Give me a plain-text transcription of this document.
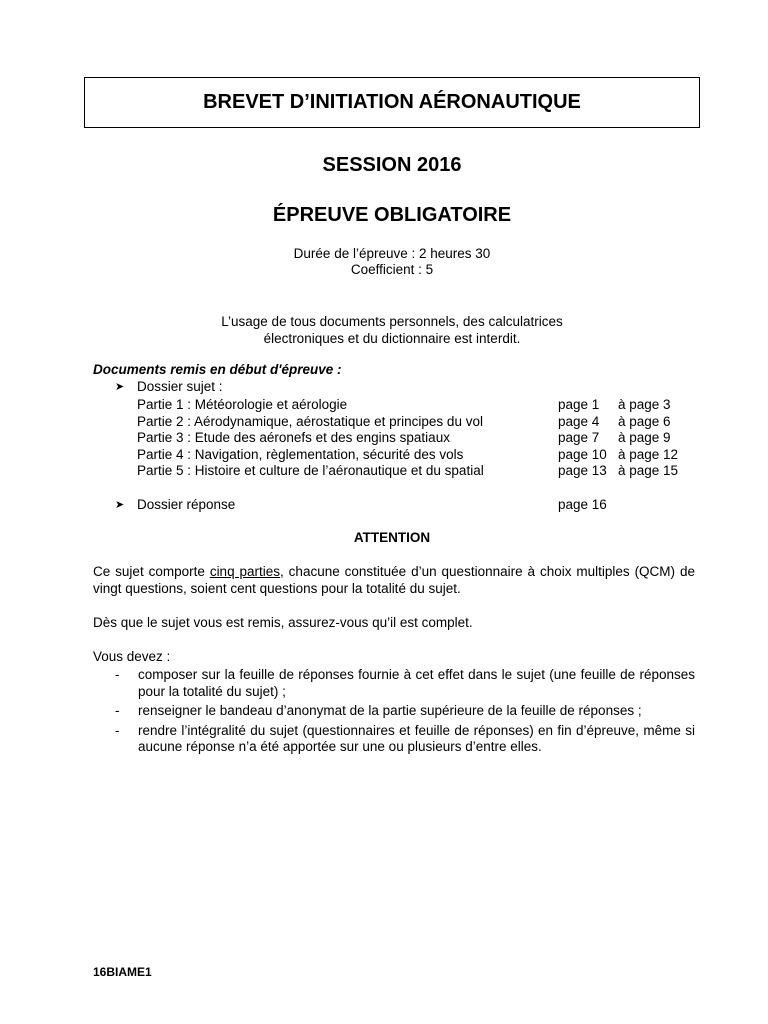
BREVET D’INITIATION AÉRONAUTIQUE
SESSION 2016
ÉPREUVE OBLIGATOIRE
Durée de l’épreuve : 2 heures 30
Coefficient : 5
L’usage de tous documents personnels, des calculatrices
électroniques et du dictionnaire est interdit.
Documents remis en début d'épreuve :
➤ Dossier sujet :
Partie 1 : Météorologie et aérologie	page 1	à page 3
Partie 2 : Aérodynamique, aérostatique et principes du vol	page 4	à page 6
Partie 3 : Etude des aéronefs et des engins spatiaux	page 7	à page 9
Partie 4 : Navigation, règlementation, sécurité des vols	page 10 à page 12
Partie 5 : Histoire et culture de l’aéronautique et du spatial	page 13 à page 15
➤ Dossier réponse	page 16
ATTENTION
Ce sujet comporte cinq parties, chacune constituée d’un questionnaire à choix multiples (QCM) de vingt questions, soient cent questions pour la totalité du sujet.
Dès que le sujet vous est remis, assurez-vous qu’il est complet.
Vous devez :
-	composer sur la feuille de réponses fournie à cet effet dans le sujet (une feuille de réponses pour la totalité du sujet) ;
-	renseigner le bandeau d’anonymat de la partie supérieure de la feuille de réponses ;
-	rendre l’intégralité du sujet (questionnaires et feuille de réponses) en fin d’épreuve, même si aucune réponse n’a été apportée sur une ou plusieurs d’entre elles.
16BIAME1
